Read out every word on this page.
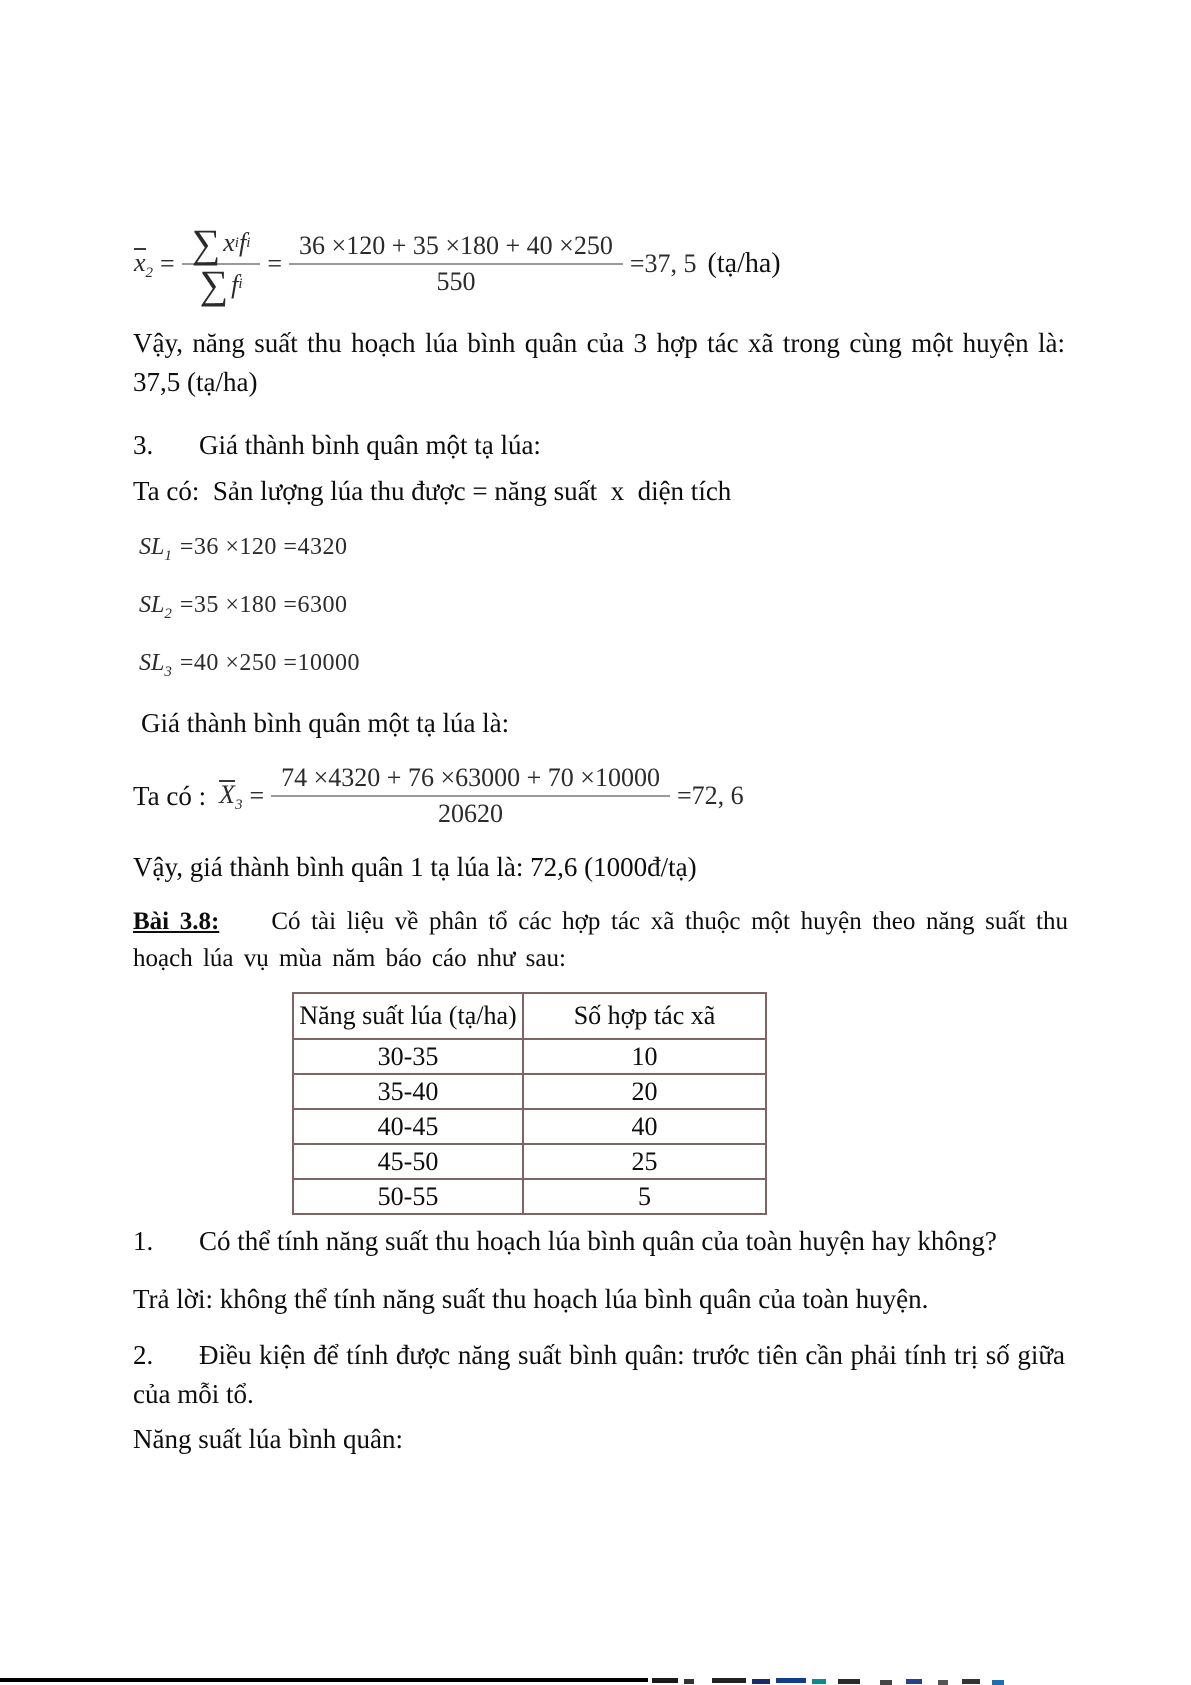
$x_2 = \frac{\text{∑ x i f i}}{\text{∑ f i}} = \frac{36 \times 120 + 35 \times 180 + 40 \times 250}{550} =37$, 5 (tạ/ha)
Vậy, năng suất thu hoạch lúa bình quân của 3 hợp tác xã trong cùng một huyện là: 37,5 (tạ/ha)
3. Giá thành bình quân một tạ lúa:
Ta có:  Sản lượng lúa thu được = năng suất  x  diện tích
$SL_1 =36 \times 120 =4320$
$SL_2 =35 \times 180 =6300$
$SL_3 =40 \times 250 =10000$
Giá thành bình quân một tạ lúa là:
Ta có : $X_3 = \frac{74 \times 4320 + 76 \times 63000 + 70 \times 10000}{20620} =72$, 6
Vậy, giá thành bình quân 1 tạ lúa là: 72,6 (1000đ/tạ)
Bài 3.8: Có tài liệu về phân tổ các hợp tác xã thuộc một huyện theo năng suất thu hoạch lúa vụ mùa năm báo cáo như sau:
Năng suất lúa (tạ/ha)	Số hợp tác xã
30-35	10
35-40	20
40-45	40
45-50	25
50-55	5
1. Có thể tính năng suất thu hoạch lúa bình quân của toàn huyện hay không?
Trả lời: không thể tính năng suất thu hoạch lúa bình quân của toàn huyện.
2. Điều kiện để tính được năng suất bình quân: trước tiên cần phải tính trị số giữa của mỗi tổ.
Năng suất lúa bình quân:
